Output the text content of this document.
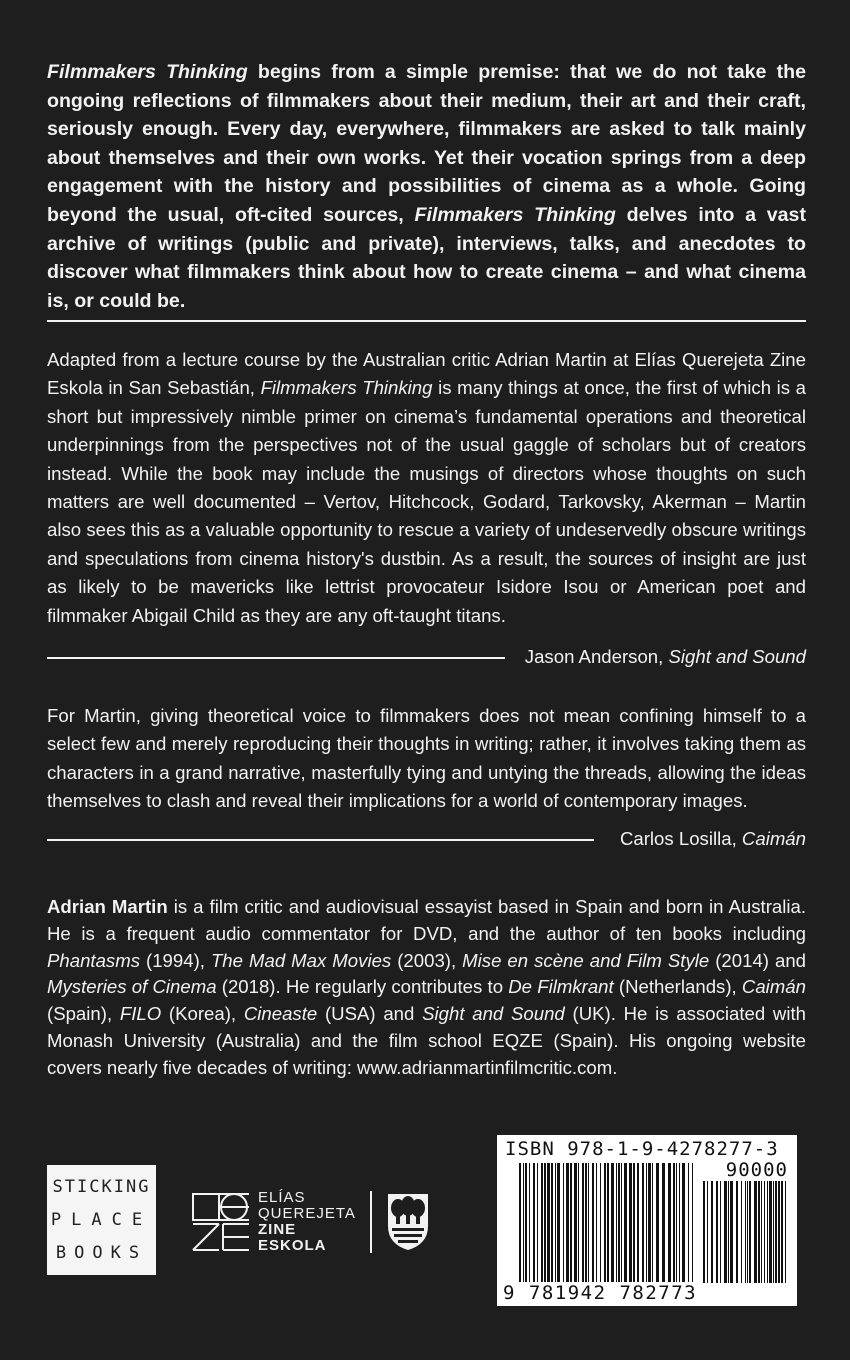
Filmmakers Thinking begins from a simple premise: that we do not take the ongoing reflections of filmmakers about their medium, their art and their craft, seriously enough. Every day, everywhere, filmmakers are asked to talk mainly about themselves and their own works. Yet their vocation springs from a deep engagement with the history and possibilities of cinema as a whole. Going beyond the usual, oft-cited sources, Filmmakers Thinking delves into a vast archive of writings (public and private), interviews, talks, and anecdotes to discover what filmmakers think about how to create cinema – and what cinema is, or could be.
Adapted from a lecture course by the Australian critic Adrian Martin at Elías Querejeta Zine Eskola in San Sebastián, Filmmakers Thinking is many things at once, the first of which is a short but impressively nimble primer on cinema’s fundamental operations and theoretical underpinnings from the perspectives not of the usual gaggle of scholars but of creators instead. While the book may include the musings of directors whose thoughts on such matters are well documented – Vertov, Hitchcock, Godard, Tarkovsky, Akerman – Martin also sees this as a valuable opportunity to rescue a variety of undeservedly obscure writings and speculations from cinema history's dustbin. As a result, the sources of insight are just as likely to be mavericks like lettrist provocateur Isidore Isou or American poet and filmmaker Abigail Child as they are any oft-taught titans.
Jason Anderson, Sight and Sound
For Martin, giving theoretical voice to filmmakers does not mean confining himself to a select few and merely reproducing their thoughts in writing; rather, it involves taking them as characters in a grand narrative, masterfully tying and untying the threads, allowing the ideas themselves to clash and reveal their implications for a world of contemporary images.
Carlos Losilla, Caimán
Adrian Martin is a film critic and audiovisual essayist based in Spain and born in Australia. He is a frequent audio commentator for DVD, and the author of ten books including Phantasms (1994), The Mad Max Movies (2003), Mise en scène and Film Style (2014) and Mysteries of Cinema (2018). He regularly contributes to De Filmkrant (Netherlands), Caimán (Spain), FILO (Korea), Cineaste (USA) and Sight and Sound (UK). He is associated with Monash University (Australia) and the film school EQZE (Spain). His ongoing website covers nearly five decades of writing: www.adrianmartinfilmcritic.com.
STICKING
PLACE
BOOKS
ELÍAS
QUEREJETA
ZINE
ESKOLA
ISBN 978-1-9-4278277-3
90000
9 781942 782773
